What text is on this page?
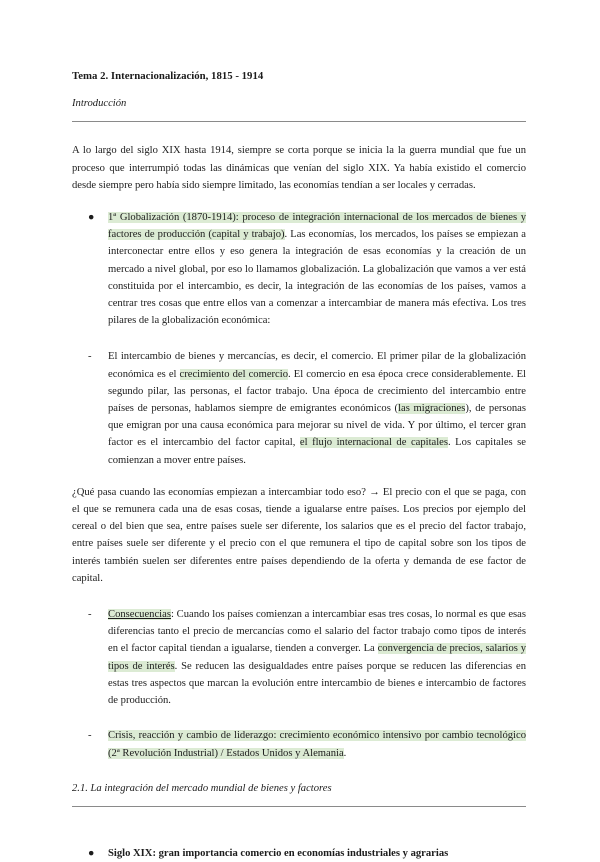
Tema 2. Internacionalización, 1815 - 1914
Introducción

A lo largo del siglo XIX hasta 1914, siempre se corta porque se inicia la la guerra mundial que fue un proceso que interrumpió todas las dinámicas que venían del siglo XIX. Ya había existido el comercio desde siempre pero había sido siempre limitado, las economías tendían a ser locales y cerradas.

●	1ª Globalización (1870-1914): proceso de integración internacional de los mercados de bienes y factores de producción (capital y trabajo). Las economías, los mercados, los países se empiezan a interconectar entre ellos y eso genera la integración de esas economías y la creación de un mercado a nivel global, por eso lo llamamos globalización. La globalización que vamos a ver está constituida por el intercambio, es decir, la integración de las economías de los países, vamos a centrar tres cosas que entre ellos van a comenzar a intercambiar de manera más efectiva. Los tres pilares de la globalización económica:
-	El intercambio de bienes y mercancías, es decir, el comercio. El primer pilar de la globalización económica es el crecimiento del comercio. El comercio en esa época crece considerablemente. El segundo pilar, las personas, el factor trabajo. Una época de crecimiento del intercambio entre países de personas, hablamos siempre de emigrantes económicos (las migraciones), de personas que emigran por una causa económica para mejorar su nivel de vida. Y por último, el tercer gran factor es el intercambio del factor capital, el flujo internacional de capitales. Los capitales se comienzan a mover entre países.

¿Qué pasa cuando las economías empiezan a intercambiar todo eso? → El precio con el que se paga, con el que se remunera cada una de esas cosas, tiende a igualarse entre países. Los precios por ejemplo del cereal o del bien que sea, entre países suele ser diferente, los salarios que es el precio del factor trabajo, entre países suele ser diferente y el precio con el que remunera el tipo de capital sobre son los tipos de interés también suelen ser diferentes entre países dependiendo de la oferta y demanda de ese factor de capital.

-	Consecuencias: Cuando los países comienzan a intercambiar esas tres cosas, lo normal es que esas diferencias tanto el precio de mercancías como el salario del factor trabajo como tipos de interés en el factor capital tiendan a igualarse, tienden a converger. La convergencia de precios, salarios y tipos de interés. Se reducen las desigualdades entre países porque se reducen las diferencias en estas tres aspectos que marcan la evolución entre intercambio de bienes e intercambio de factores de producción.
-	Crisis, reacción y cambio de liderazgo: crecimiento económico intensivo por cambio tecnológico (2ª Revolución Industrial) / Estados Unidos y Alemania.
2.1. La integración del mercado mundial de bienes y factores
●	Siglo XIX: gran importancia comercio en economías industriales y agrarias
